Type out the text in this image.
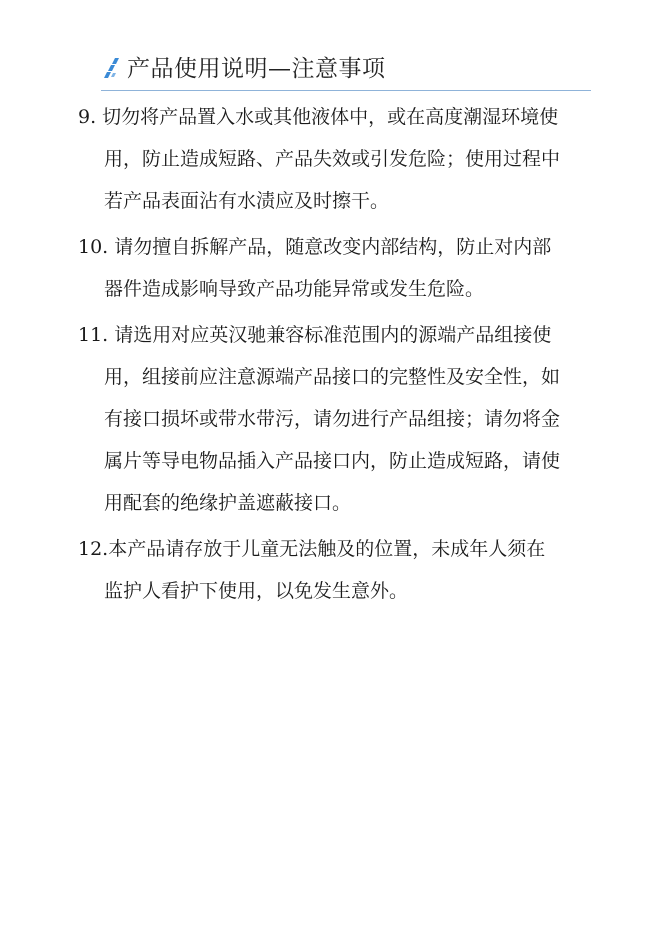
产品使用说明—注意事项
9. 切勿将产品置入水或其他液体中，或在高度潮湿环境使
用，防止造成短路、产品失效或引发危险；使用过程中
若产品表面沾有水渍应及时擦干。
10. 请勿擅自拆解产品，随意改变内部结构，防止对内部
器件造成影响导致产品功能异常或发生危险。
11. 请选用对应英汉驰兼容标准范围内的源端产品组接使
用，组接前应注意源端产品接口的完整性及安全性，如
有接口损坏或带水带污，请勿进行产品组接；请勿将金
属片等导电物品插入产品接口内，防止造成短路，请使
用配套的绝缘护盖遮蔽接口。
12.本产品请存放于儿童无法触及的位置，未成年人须在
监护人看护下使用，以免发生意外。
